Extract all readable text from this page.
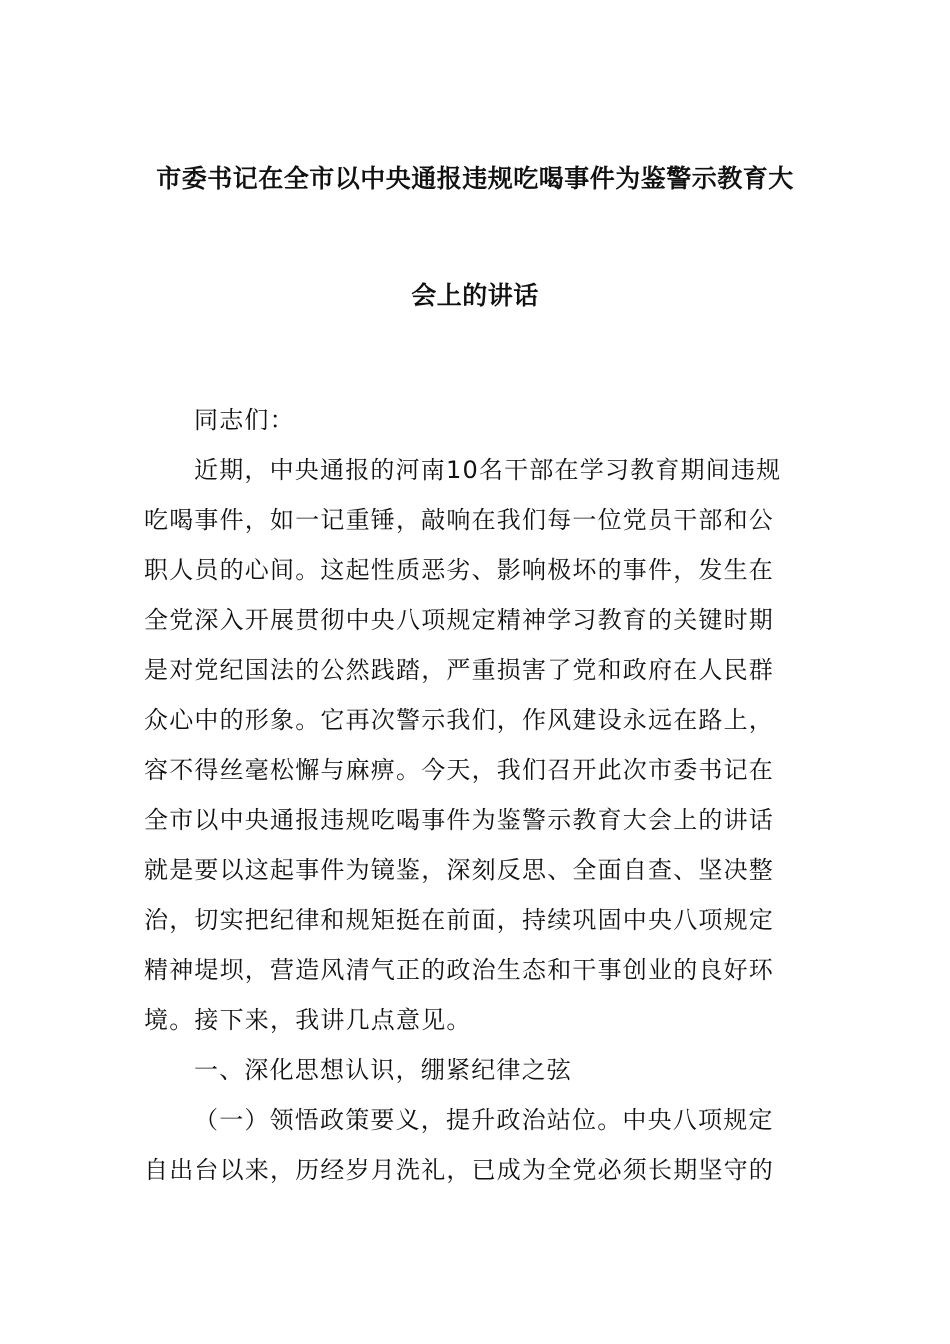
市委书记在全市以中央通报违规吃喝事件为鉴警示教育大
会上的讲话
同志们：
近期，中央通报的河南10名干部在学习教育期间违规
吃喝事件，如一记重锤，敲响在我们每一位党员干部和公
职人员的心间。这起性质恶劣、影响极坏的事件，发生在
全党深入开展贯彻中央八项规定精神学习教育的关键时期
是对党纪国法的公然践踏，严重损害了党和政府在人民群
众心中的形象。它再次警示我们，作风建设永远在路上，
容不得丝毫松懈与麻痹。今天，我们召开此次市委书记在
全市以中央通报违规吃喝事件为鉴警示教育大会上的讲话
就是要以这起事件为镜鉴，深刻反思、全面自查、坚决整
治，切实把纪律和规矩挺在前面，持续巩固中央八项规定
精神堤坝，营造风清气正的政治生态和干事创业的良好环
境。接下来，我讲几点意见。
一、深化思想认识，绷紧纪律之弦
（一）领悟政策要义，提升政治站位。中央八项规定
自出台以来，历经岁月洗礼，已成为全党必须长期坚守的
